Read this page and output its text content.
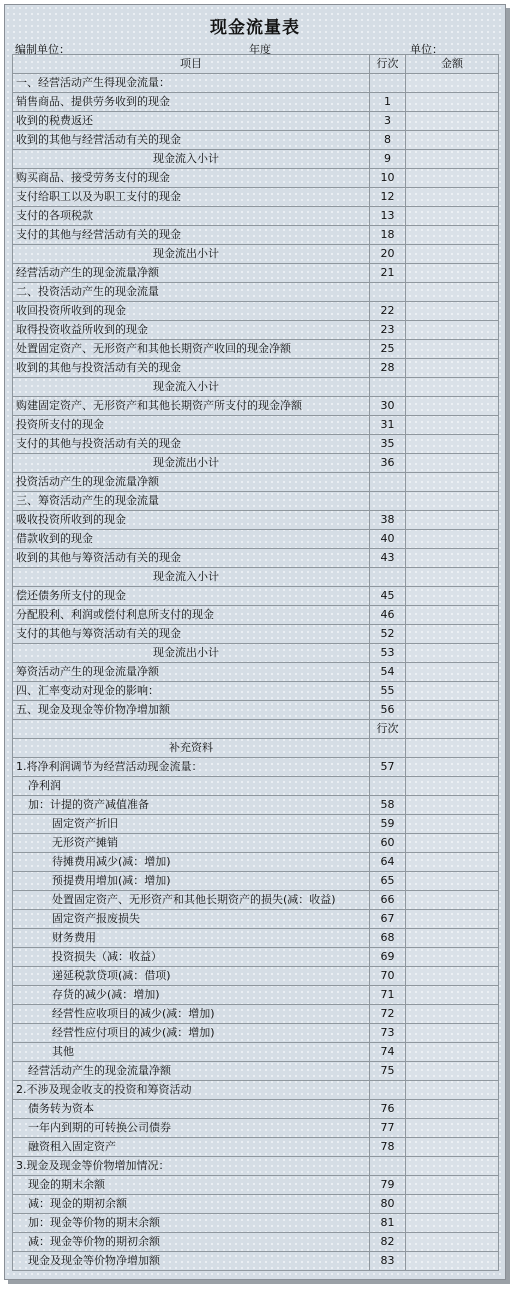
现金流量表
编制单位：	年度	单位：
项目	行次	金额
一、经营活动产生得现金流量：		
销售商品、提供劳务收到的现金	1	
收到的税费返还	3	
收到的其他与经营活动有关的现金	8	
现金流入小计	9	
购买商品、接受劳务支付的现金	10	
支付给职工以及为职工支付的现金	12	
支付的各项税款	13	
支付的其他与经营活动有关的现金	18	
现金流出小计	20	
经营活动产生的现金流量净额	21	
二、投资活动产生的现金流量		
收回投资所收到的现金	22	
取得投资收益所收到的现金	23	
处置固定资产、无形资产和其他长期资产收回的现金净额	25	
收到的其他与投资活动有关的现金	28	
现金流入小计		
购建固定资产、无形资产和其他长期资产所支付的现金净额	30	
投资所支付的现金	31	
支付的其他与投资活动有关的现金	35	
现金流出小计	36	
投资活动产生的现金流量净额		
三、筹资活动产生的现金流量		
吸收投资所收到的现金	38	
借款收到的现金	40	
收到的其他与筹资活动有关的现金	43	
现金流入小计		
偿还债务所支付的现金	45	
分配股利、利润或偿付利息所支付的现金	46	
支付的其他与筹资活动有关的现金	52	
现金流出小计	53	
筹资活动产生的现金流量净额	54	
四、汇率变动对现金的影响：	55	
五、现金及现金等价物净增加额	56	
	行次	
补充资料		
1.将净利润调节为经营活动现金流量：	57	
净利润		
加：计提的资产减值准备	58	
固定资产折旧	59	
无形资产摊销	60	
待摊费用减少(减：增加)	64	
预提费用增加(减：增加)	65	
处置固定资产、无形资产和其他长期资产的损失(减：收益)	66	
固定资产报废损失	67	
财务费用	68	
投资损失（减：收益）	69	
递延税款贷项(减：借项)	70	
存货的减少(减：增加)	71	
经营性应收项目的减少(减：增加)	72	
经营性应付项目的减少(减：增加)	73	
其他	74	
经营活动产生的现金流量净额	75	
2.不涉及现金收支的投资和筹资活动		
债务转为资本	76	
一年内到期的可转换公司债券	77	
融资租入固定资产	78	
3.现金及现金等价物增加情况：		
现金的期末余额	79	
减：现金的期初余额	80	
加：现金等价物的期末余额	81	
减：现金等价物的期初余额	82	
现金及现金等价物净增加额	83	
